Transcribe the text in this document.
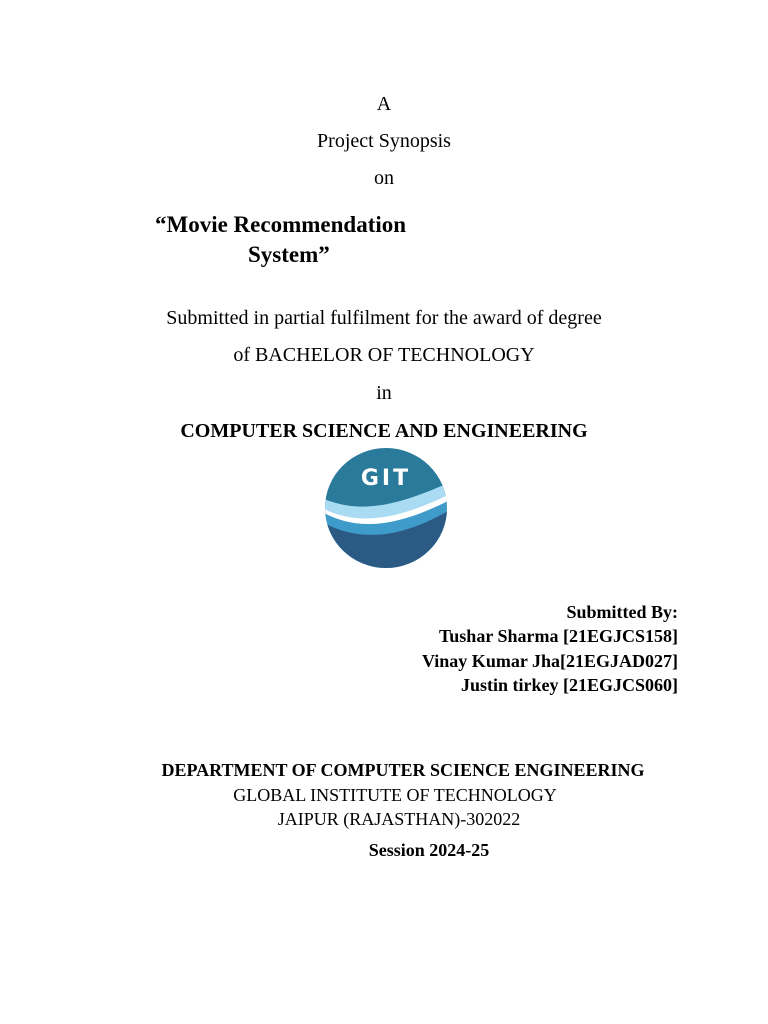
A
Project Synopsis
on
“Movie Recommendation
System”
Submitted in partial fulfilment for the award of degree
of BACHELOR OF TECHNOLOGY
in
COMPUTER SCIENCE AND ENGINEERING
GIT
Submitted By:
Tushar Sharma [21EGJCS158]
Vinay Kumar Jha[21EGJAD027]
Justin tirkey [21EGJCS060]
DEPARTMENT OF COMPUTER SCIENCE ENGINEERING
GLOBAL INSTITUTE OF TECHNOLOGY
JAIPUR (RAJASTHAN)-302022
Session 2024-25
